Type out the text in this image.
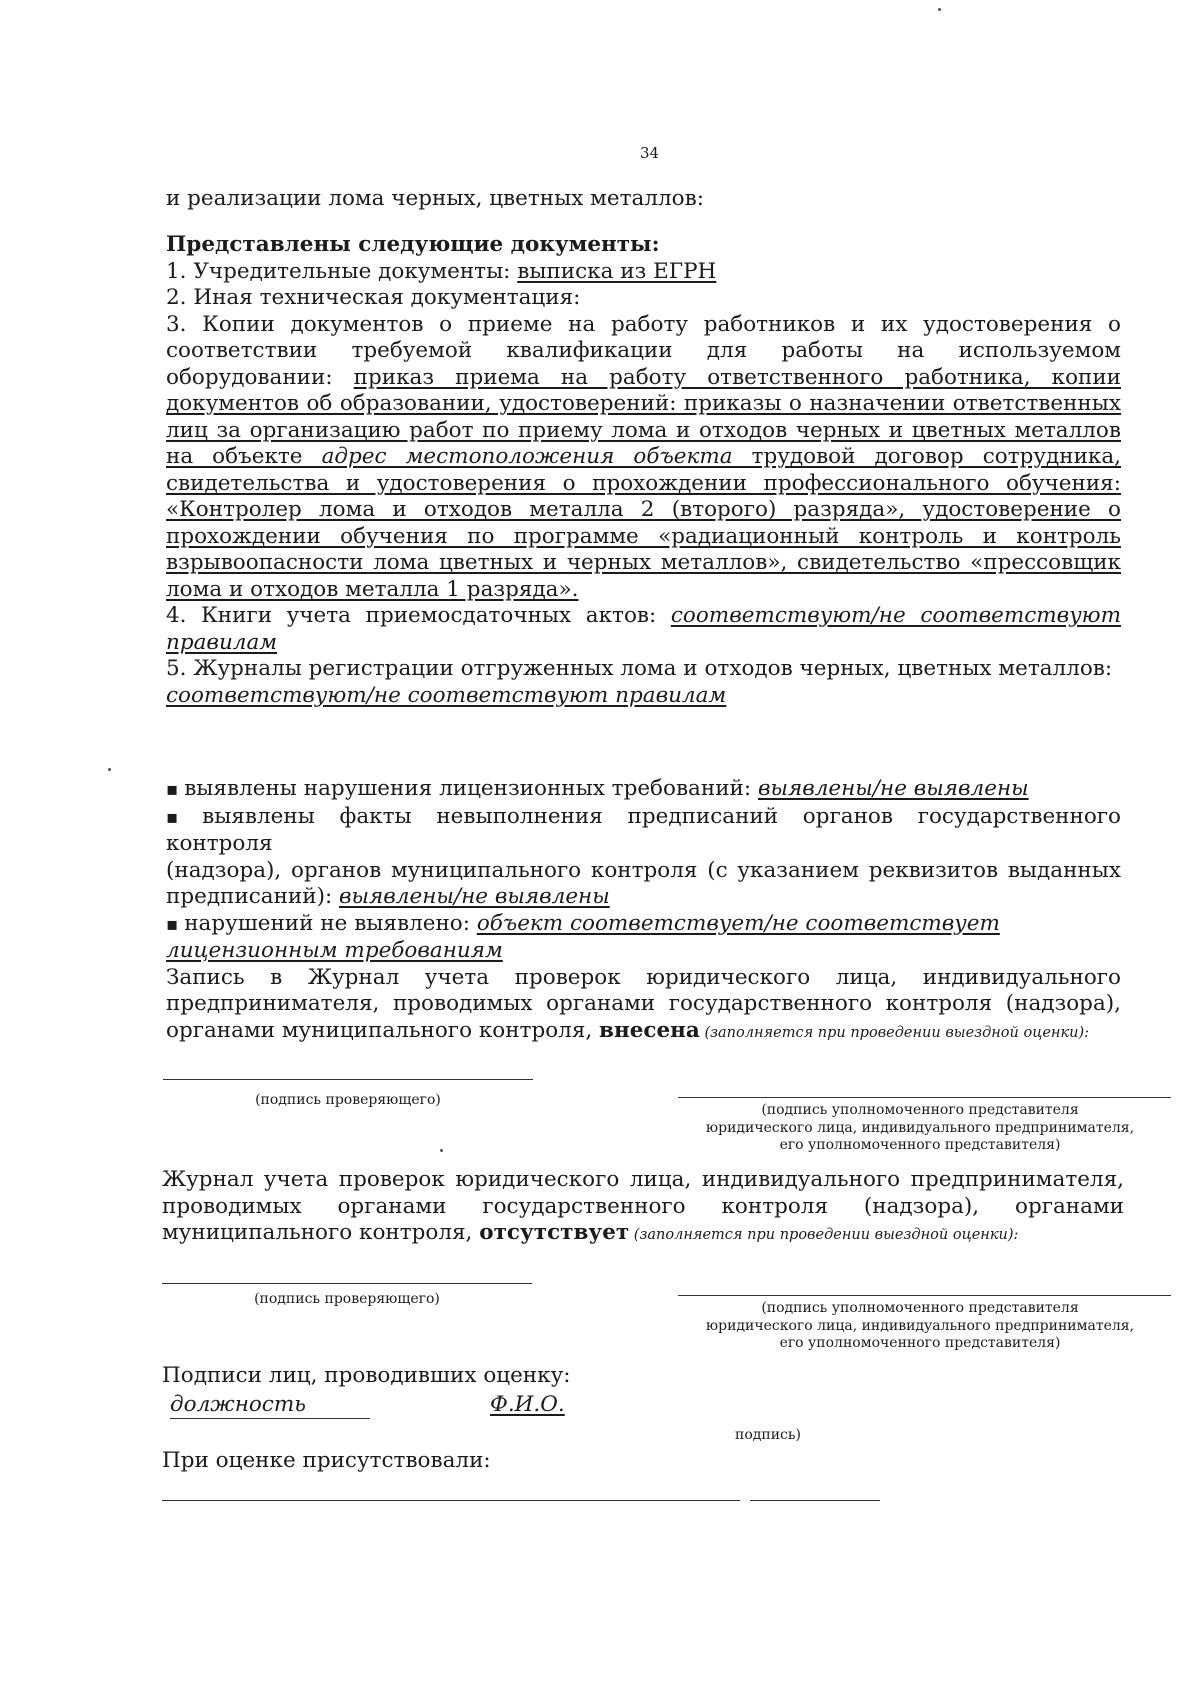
34
и реализации лома черных, цветных металлов:
Представлены следующие документы:
1. Учредительные документы: выписка из ЕГРН
2. Иная техническая документация:
3. Копии документов о приеме на работу работников и их удостоверения о
соответствии требуемой квалификации для работы на используемом
оборудовании: приказ приема на работу ответственного работника, копии
документов об образовании, удостоверений: приказы о назначении ответственных
лиц за организацию работ по приему лома и отходов черных и цветных металлов
на объекте адрес местоположения объекта трудовой договор сотрудника,
свидетельства и удостоверения о прохождении профессионального обучения:
«Контролер лома и отходов металла 2 (второго) разряда», удостоверение о
прохождении обучения по программе «радиационный контроль и контроль
взрывоопасности лома цветных и черных металлов», свидетельство «прессовщик
лома и отходов металла 1 разряда».
4. Книги учета приемосдаточных актов: соответствуют/не соответствуют
правилам
5. Журналы регистрации отгруженных лома и отходов черных, цветных металлов:
соответствуют/не соответствуют правилам
▪ выявлены нарушения лицензионных требований: выявлены/не выявлены
▪ выявлены факты невыполнения предписаний органов государственного контроля
(надзора), органов муниципального контроля (с указанием реквизитов выданных
предписаний): выявлены/не выявлены
▪ нарушений не выявлено: объект соответствует/не соответствует
лицензионным требованиям
Запись в Журнал учета проверок юридического лица, индивидуального
предпринимателя, проводимых органами государственного контроля (надзора),
органами муниципального контроля, внесена (заполняется при проведении выездной оценки):
(подпись проверяющего)
(подпись уполномоченного представителя
юридического лица, индивидуального предпринимателя,
его уполномоченного представителя)
Журнал учета проверок юридического лица, индивидуального предпринимателя,
проводимых органами государственного контроля (надзора), органами
муниципального контроля, отсутствует (заполняется при проведении выездной оценки):
(подпись проверяющего)
(подпись уполномоченного представителя
юридического лица, индивидуального предпринимателя,
его уполномоченного представителя)
Подписи лиц, проводивших оценку:
должность	Ф.И.О.
подпись)
При оценке присутствовали:
